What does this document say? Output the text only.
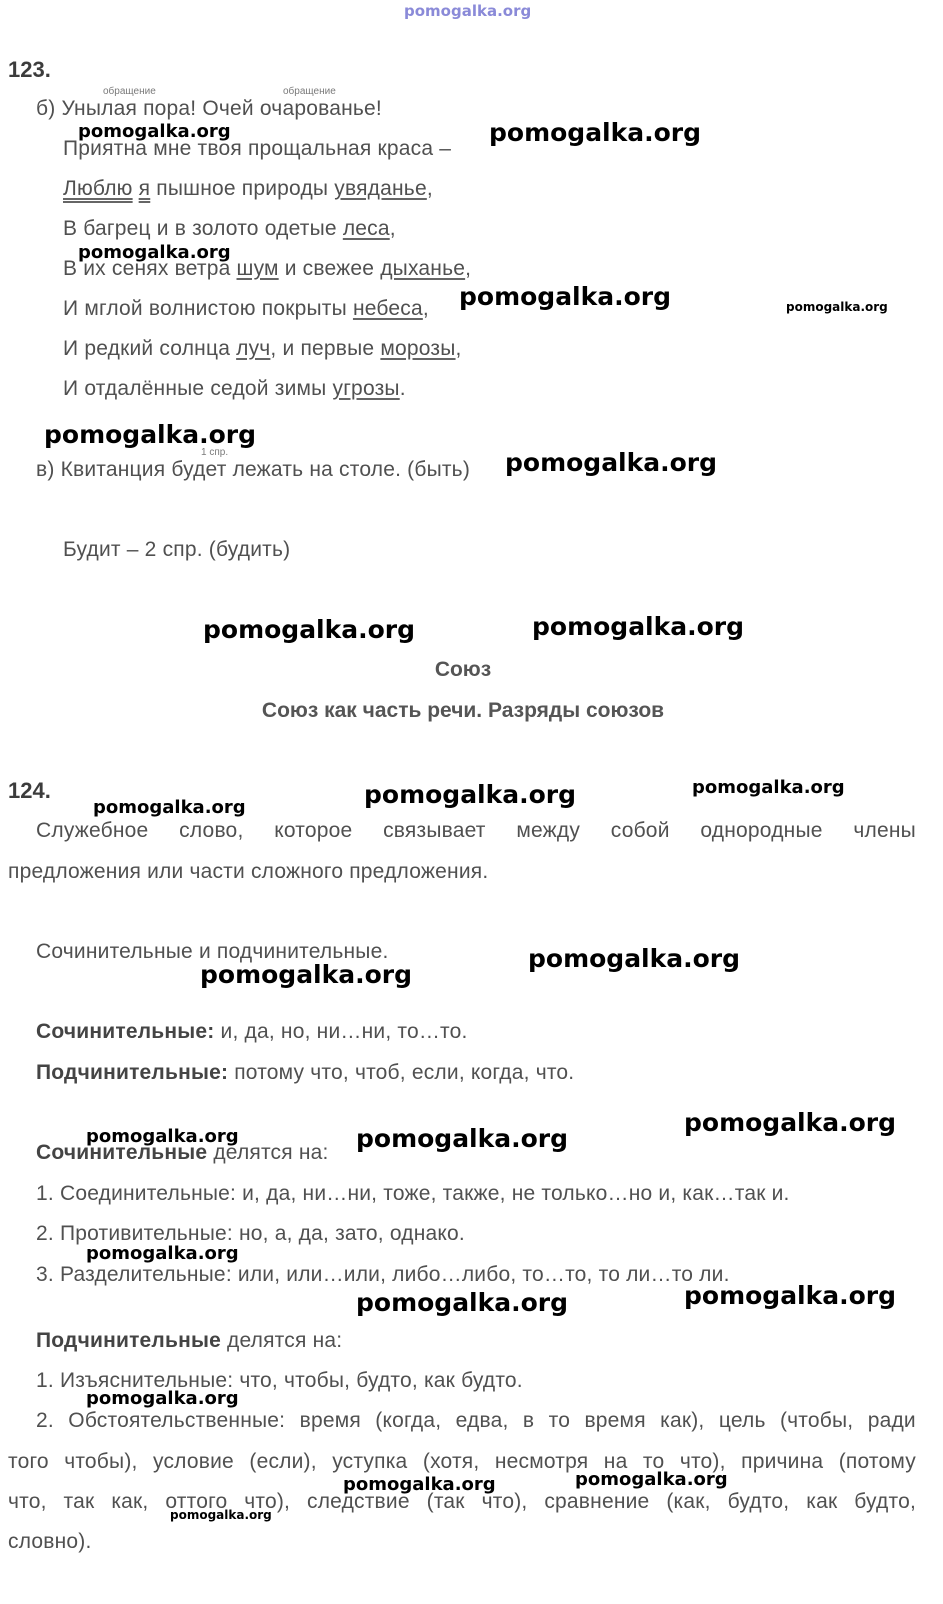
pomogalka.org
123.
обращение	обращение
б) Унылая пора! Очей очарованье!
Приятна мне твоя прощальная краса –
Люблю я пышное природы увяданье,
В багрец и в золото одетые леса,
В их сенях ветра шум и свежее дыханье,
И мглой волнистою покрыты небеса,
И редкий солнца луч, и первые морозы,
И отдалённые седой зимы угрозы.
1 спр.
в) Квитанция будет лежать на столе. (быть)
Будит – 2 спр. (будить)
Союз
Союз как часть речи. Разряды союзов
124.
Служебное слово, которое связывает между собой однородные члены
предложения или части сложного предложения.
Сочинительные и подчинительные.
Сочинительные: и, да, но, ни…ни, то…то.
Подчинительные: потому что, чтоб, если, когда, что.
Сочинительные делятся на:
1. Соединительные: и, да, ни…ни, тоже, также, не только…но и, как…так и.
2. Противительные: но, а, да, зато, однако.
3. Разделительные: или, или…или, либо…либо, то…то, то ли…то ли.
Подчинительные делятся на:
1. Изъяснительные: что, чтобы, будто, как будто.
2. Обстоятельственные: время (когда, едва, в то время как), цель (чтобы, ради
того чтобы), условие (если), уступка (хотя, несмотря на то что), причина (потому
что, так как, оттого что), следствие (так что), сравнение (как, будто, как будто,
словно).
pomogalka.org	pomogalka.org
pomogalka.org
pomogalka.org	pomogalka.org
pomogalka.org
pomogalka.org
pomogalka.org	pomogalka.org
pomogalka.org	pomogalka.org	pomogalka.org
pomogalka.org
pomogalka.org
pomogalka.org	pomogalka.org
pomogalka.org
pomogalka.org
pomogalka.org	pomogalka.org
pomogalka.org
pomogalka.org	pomogalka.org
pomogalka.org
